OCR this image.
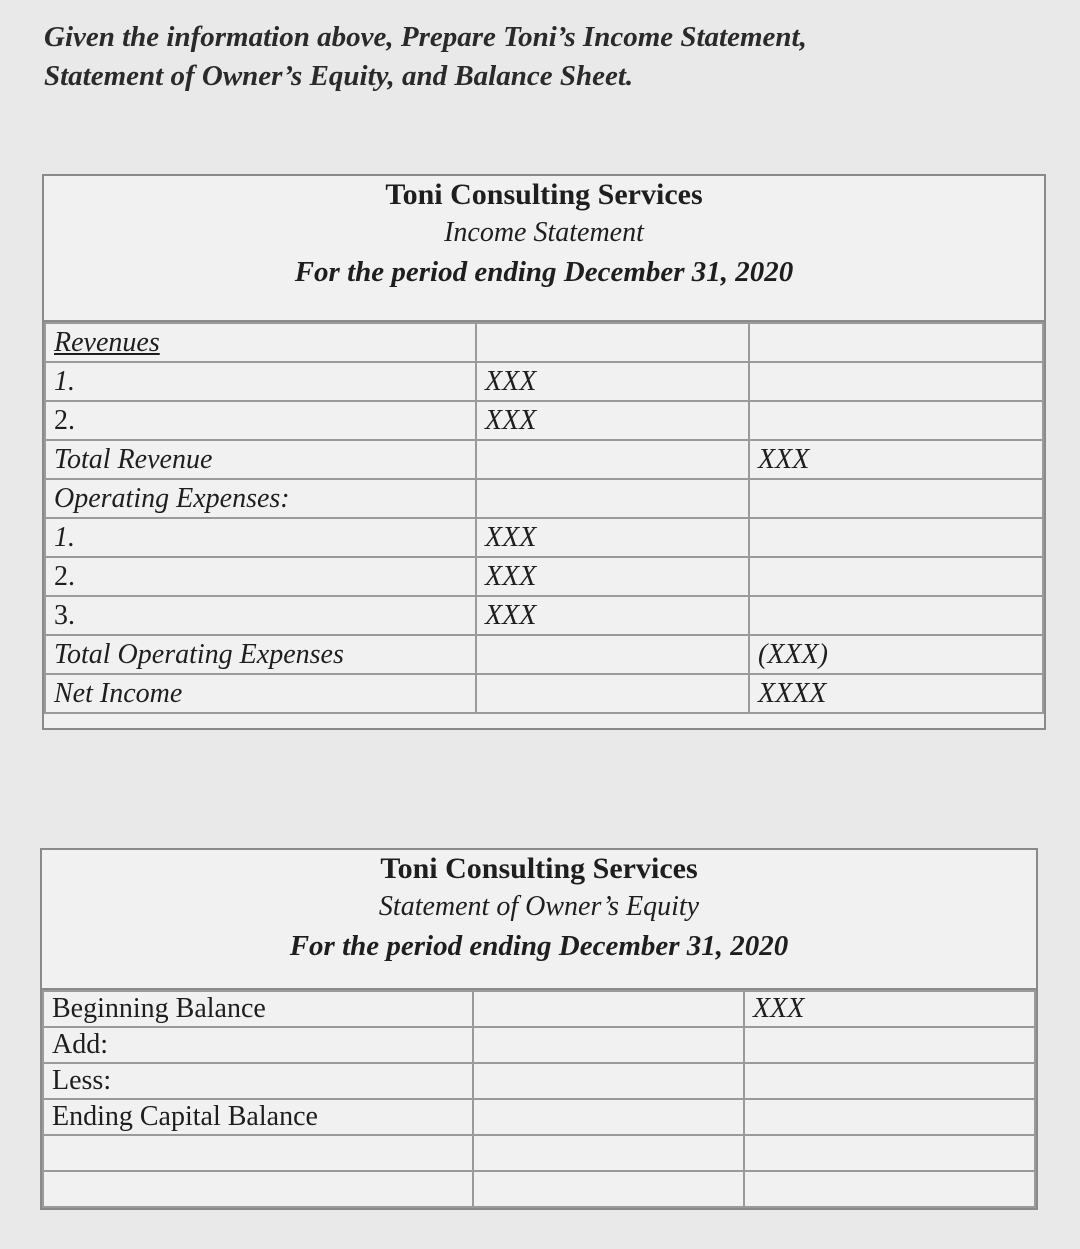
Given the information above, Prepare Toni’s Income Statement,
Statement of Owner’s Equity, and Balance Sheet.
Toni Consulting Services
Income Statement
For the period ending December 31, 2020
Revenues		
1.	XXX	
2.	XXX	
Total Revenue		XXX
Operating Expenses:		
1.	XXX	
2.	XXX	
3.	XXX	
Total Operating Expenses		(XXX)
Net Income		XXXX
Toni Consulting Services
Statement of Owner’s Equity
For the period ending December 31, 2020
Beginning Balance		XXX
Add:		
Less:		
Ending Capital Balance		
